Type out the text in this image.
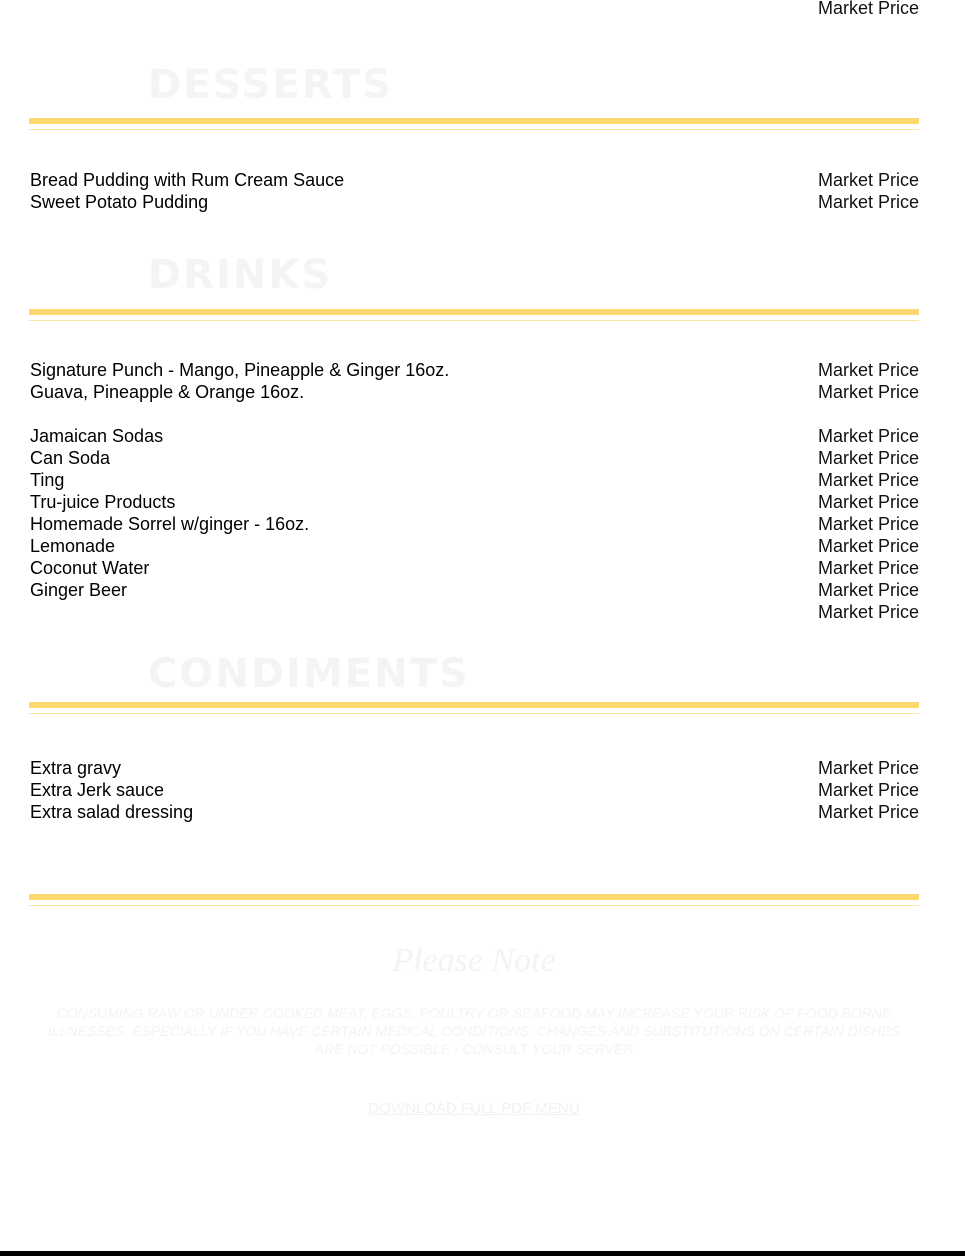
Market Price
DESSERTS
Bread Pudding with Rum Cream Sauce	Market Price
Sweet Potato Pudding	Market Price
DRINKS
Signature Punch - Mango, Pineapple & Ginger 16oz.	Market Price
Guava, Pineapple & Orange 16oz.	Market Price
Jamaican Sodas	Market Price
Can Soda	Market Price
Ting	Market Price
Tru-juice Products	Market Price
Homemade Sorrel w/ginger - 16oz.	Market Price
Lemonade	Market Price
Coconut Water	Market Price
Ginger Beer	Market Price
Market Price
CONDIMENTS
Extra gravy	Market Price
Extra Jerk sauce	Market Price
Extra salad dressing	Market Price
Please Note
CONSUMING RAW OR UNDER COOKED MEAT, EGGS, POULTRY OR SEAFOOD MAY INCREASE YOUR RISK OF FOOD BORNE ILLNESSES, ESPECIALLY IF YOU HAVE CERTAIN MEDICAL CONDITIONS. CHANGES AND SUBSTITUTIONS ON CERTAIN DISHES ARE NOT POSSIBLE - CONSULT YOUR SERVER
DOWNLOAD FULL PDF MENU
